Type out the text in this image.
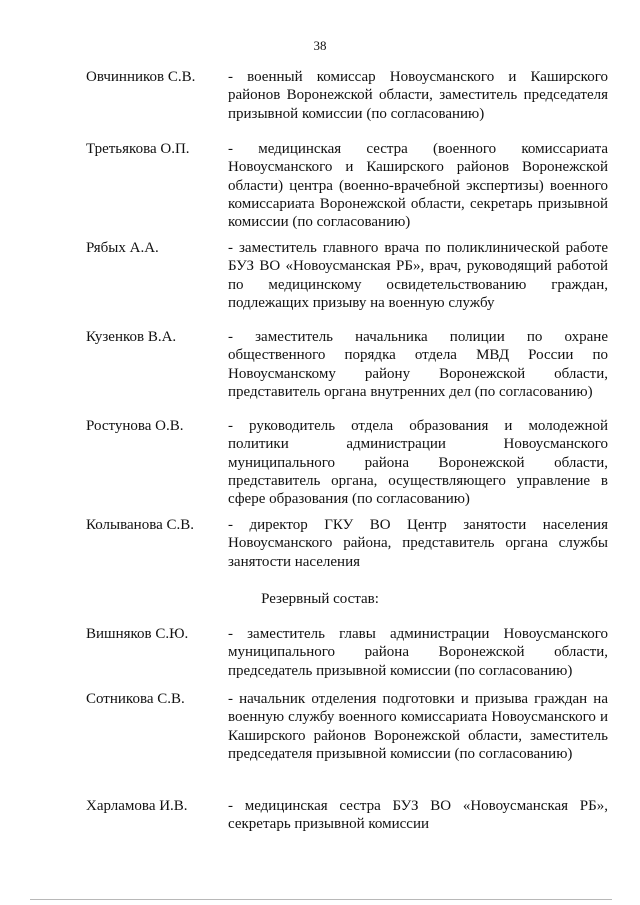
38
Овчинников С.В. - военный комиссар Новоусманского и Каширского районов Воронежской области, заместитель председателя призывной комиссии (по согласованию)
Третьякова О.П.	- медицинская сестра (военного комиссариата Новоусманского и Каширского районов Воронежской области) центра (военно-врачебной экспертизы) военного комиссариата Воронежской области, секретарь призывной комиссии (по согласованию)
Рябых А.А.	- заместитель главного врача по поликлинической работе БУЗ ВО «Новоусманская РБ», врач, руководящий работой по медицинскому освидетельствованию граждан, подлежащих призыву на военную службу
Кузенков В.А.	- заместитель начальника полиции по охране общественного порядка отдела МВД России по Новоусманскому району Воронежской области, представитель органа внутренних дел (по согласованию)
Ростунова О.В.	- руководитель отдела образования и молодежной политики администрации Новоусманского муниципального района Воронежской области, представитель органа, осуществляющего управление в сфере образования (по согласованию)
Колыванова С.В. - директор ГКУ ВО Центр занятости населения Новоусманского района, представитель органа службы занятости населения
Резервный состав:
Вишняков С.Ю.	- заместитель главы администрации Новоусманского муниципального района Воронежской области, председатель призывной комиссии (по согласованию)
Сотникова С.В.	- начальник отделения подготовки и призыва граждан на военную службу военного комиссариата Новоусманского и Каширского районов Воронежской области, заместитель председателя призывной комиссии (по согласованию)
Харламова И.В.	- медицинская сестра БУЗ ВО «Новоусманская РБ», секретарь призывной комиссии
